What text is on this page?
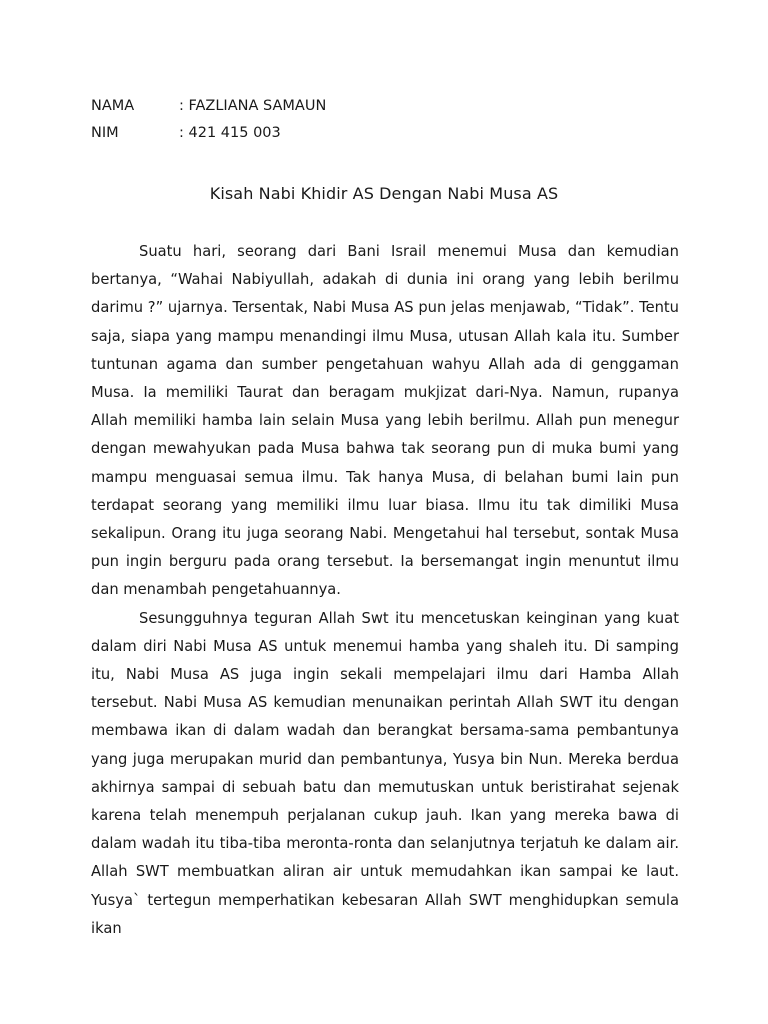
NAMA	: FAZLIANA SAMAUN
NIM	: 421 415 003
Kisah Nabi Khidir AS Dengan Nabi Musa AS

Suatu hari, seorang dari Bani Israil menemui Musa dan kemudian bertanya, “Wahai Nabiyullah, adakah di dunia ini orang yang lebih berilmu darimu ?” ujarnya. Tersentak, Nabi Musa AS pun jelas menjawab, “Tidak”. Tentu saja, siapa yang mampu menandingi ilmu Musa, utusan Allah kala itu. Sumber tuntunan agama dan sumber pengetahuan wahyu Allah ada di genggaman Musa. Ia memiliki Taurat dan beragam mukjizat dari-Nya. Namun, rupanya Allah memiliki hamba lain selain Musa yang lebih berilmu. Allah pun menegur dengan mewahyukan pada Musa bahwa tak seorang pun di muka bumi yang mampu menguasai semua ilmu. Tak hanya Musa, di belahan bumi lain pun terdapat seorang yang memiliki ilmu luar biasa. Ilmu itu tak dimiliki Musa sekalipun. Orang itu juga seorang Nabi. Mengetahui hal tersebut, sontak Musa pun ingin berguru pada orang tersebut. Ia bersemangat ingin menuntut ilmu dan menambah pengetahuannya.

Sesungguhnya teguran Allah Swt itu mencetuskan keinginan yang kuat dalam diri Nabi Musa AS untuk menemui hamba yang shaleh itu. Di samping itu, Nabi Musa AS juga ingin sekali mempelajari ilmu dari Hamba Allah tersebut. Nabi Musa AS kemudian menunaikan perintah Allah SWT itu dengan membawa ikan di dalam wadah dan berangkat bersama-sama pembantunya yang juga merupakan murid dan pembantunya, Yusya bin Nun. Mereka berdua akhirnya sampai di sebuah batu dan memutuskan untuk beristirahat sejenak karena telah menempuh perjalanan cukup jauh. Ikan yang mereka bawa di dalam wadah itu tiba-tiba meronta-ronta dan selanjutnya terjatuh ke dalam air. Allah SWT membuatkan aliran air untuk memudahkan ikan sampai ke laut. Yusya` tertegun memperhatikan kebesaran Allah SWT menghidupkan semula ikan
